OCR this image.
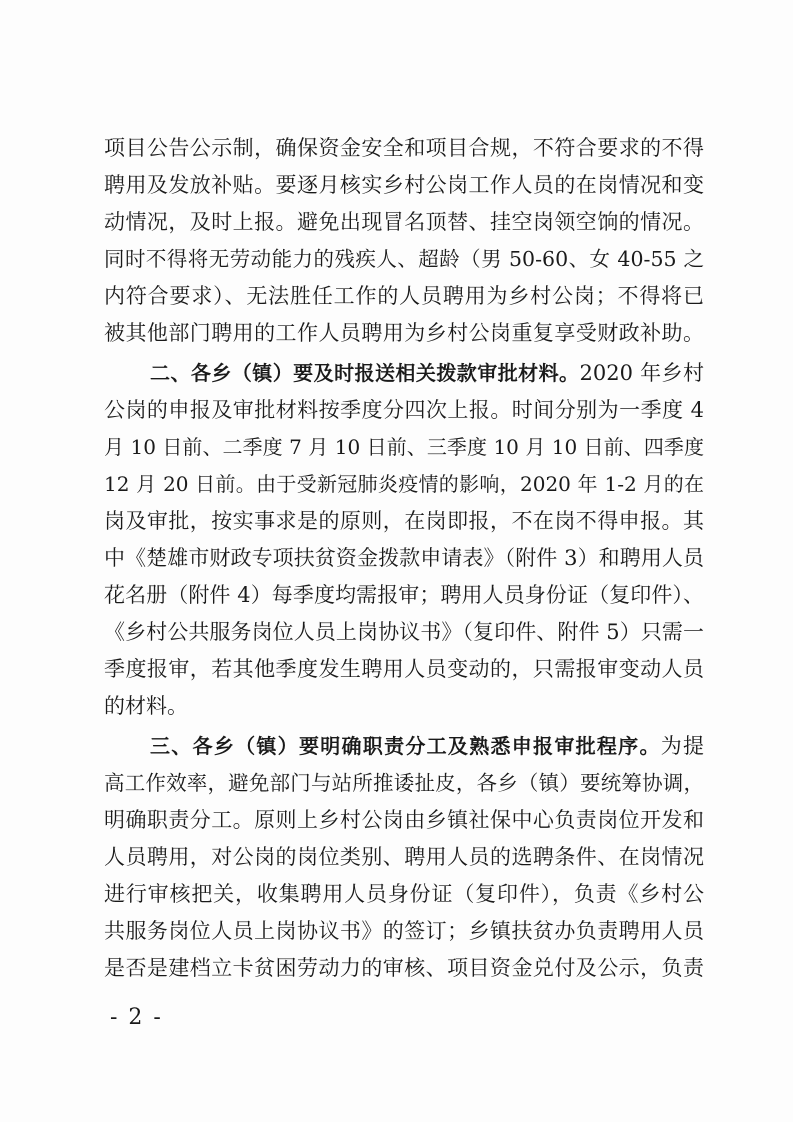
项目公告公示制，确保资金安全和项目合规，不符合要求的不得
聘用及发放补贴。要逐月核实乡村公岗工作人员的在岗情况和变
动情况，及时上报。避免出现冒名顶替、挂空岗领空饷的情况。
同时不得将无劳动能力的残疾人、超龄（男 50-60、女 40-55 之
内符合要求）、无法胜任工作的人员聘用为乡村公岗；不得将已
被其他部门聘用的工作人员聘用为乡村公岗重复享受财政补助。
二、各乡（镇）要及时报送相关拨款审批材料。2020 年乡村
公岗的申报及审批材料按季度分四次上报。时间分别为一季度 4
月 10 日前、二季度 7 月 10 日前、三季度 10 月 10 日前、四季度
12 月 20 日前。由于受新冠肺炎疫情的影响，2020 年 1-2 月的在
岗及审批，按实事求是的原则，在岗即报，不在岗不得申报。其
中《楚雄市财政专项扶贫资金拨款申请表》（附件 3）和聘用人员
花名册（附件 4）每季度均需报审；聘用人员身份证（复印件）、
《乡村公共服务岗位人员上岗协议书》（复印件、附件 5）只需一
季度报审，若其他季度发生聘用人员变动的，只需报审变动人员
的材料。
三、各乡（镇）要明确职责分工及熟悉申报审批程序。为提
高工作效率，避免部门与站所推诿扯皮，各乡（镇）要统筹协调，
明确职责分工。原则上乡村公岗由乡镇社保中心负责岗位开发和
人员聘用，对公岗的岗位类别、聘用人员的选聘条件、在岗情况
进行审核把关，收集聘用人员身份证（复印件），负责《乡村公
共服务岗位人员上岗协议书》的签订；乡镇扶贫办负责聘用人员
是否是建档立卡贫困劳动力的审核、项目资金兑付及公示，负责
- 2 -
